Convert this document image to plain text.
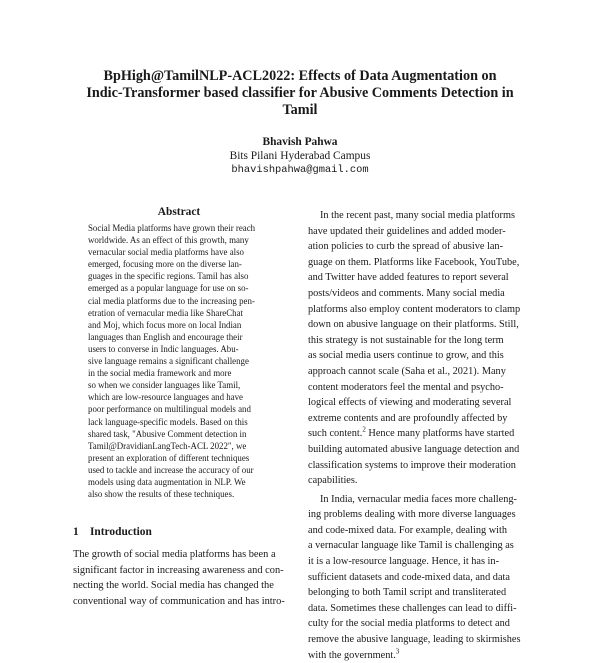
BpHigh@TamilNLP-ACL2022: Effects of Data Augmentation on
Indic-Transformer based classifier for Abusive Comments Detection in
Tamil
Bhavish Pahwa
Bits Pilani Hyderabad Campus
bhavishpahwa@gmail.com
Abstract
Social Media platforms have grown their reach
worldwide. As an effect of this growth, many
vernacular social media platforms have also
emerged, focusing more on the diverse lan-
guages in the specific regions. Tamil has also
emerged as a popular language for use on so-
cial media platforms due to the increasing pen-
etration of vernacular media like ShareChat
and Moj, which focus more on local Indian
languages than English and encourage their
users to converse in Indic languages. Abu-
sive language remains a significant challenge
in the social media framework and more
so when we consider languages like Tamil,
which are low-resource languages and have
poor performance on multilingual models and
lack language-specific models. Based on this
shared task, "Abusive Comment detection in
Tamil@DravidianLangTech-ACL 2022", we
present an exploration of different techniques
used to tackle and increase the accuracy of our
models using data augmentation in NLP. We
also show the results of these techniques.
1 Introduction
The growth of social media platforms has been a
significant factor in increasing awareness and con-
necting the world. Social media has changed the
conventional way of communication and has intro-
In the recent past, many social media platforms
have updated their guidelines and added moder-
ation policies to curb the spread of abusive lan-
guage on them. Platforms like Facebook, YouTube,
and Twitter have added features to report several
posts/videos and comments. Many social media
platforms also employ content moderators to clamp
down on abusive language on their platforms. Still,
this strategy is not sustainable for the long term
as social media users continue to grow, and this
approach cannot scale (Saha et al., 2021). Many
content moderators feel the mental and psycho-
logical effects of viewing and moderating several
extreme contents and are profoundly affected by
such content.$^2$ Hence many platforms have started
building automated abusive language detection and
classification systems to improve their moderation
capabilities.
In India, vernacular media faces more challeng-
ing problems dealing with more diverse languages
and code-mixed data. For example, dealing with
a vernacular language like Tamil is challenging as
it is a low-resource language. Hence, it has in-
sufficient datasets and code-mixed data, and data
belonging to both Tamil script and transliterated
data. Sometimes these challenges can lead to diffi-
culty for the social media platforms to detect and
remove the abusive language, leading to skirmishes
with the government.$^3$
